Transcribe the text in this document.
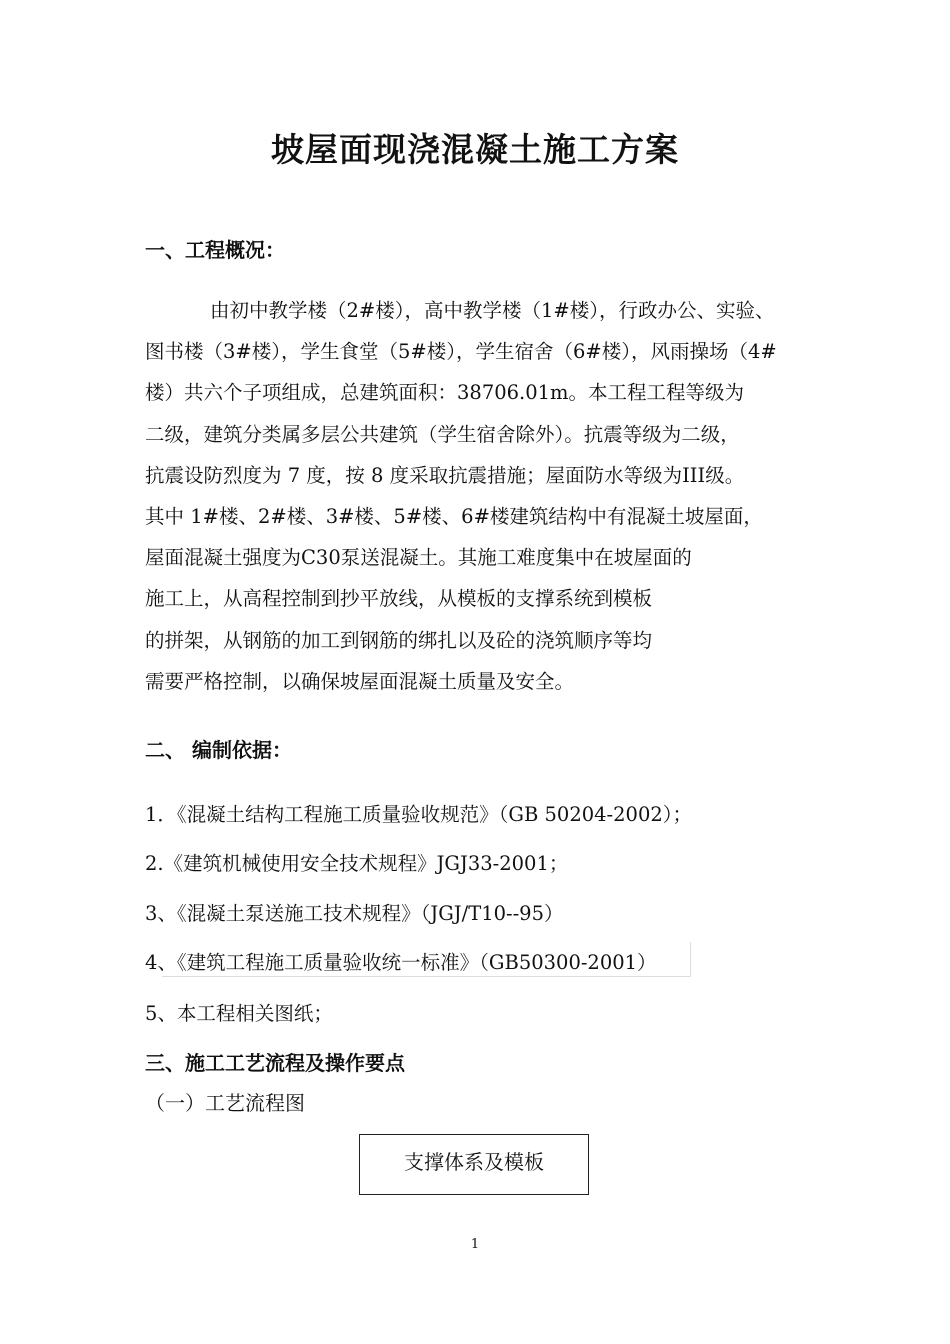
坡屋面现浇混凝土施工方案
一、工程概况：
由初中教学楼（2#楼），高中教学楼（1#楼），行政办公、实验、
图书楼（3#楼），学生食堂（5#楼），学生宿舍（6#楼），风雨操场（4#
楼）共六个子项组成，总建筑面积：38706.01m。本工程工程等级为
二级，建筑分类属多层公共建筑（学生宿舍除外）。抗震等级为二级，
抗震设防烈度为 7 度，按 8 度采取抗震措施；屋面防水等级为III级。
其中 1#楼、2#楼、3#楼、5#楼、6#楼建筑结构中有混凝土坡屋面，
屋面混凝土强度为C30泵送混凝土。其施工难度集中在坡屋面的
施工上，从高程控制到抄平放线，从模板的支撑系统到模板
的拼架，从钢筋的加工到钢筋的绑扎以及砼的浇筑顺序等均
需要严格控制，以确保坡屋面混凝土质量及安全。
二、 编制依据：
1．《混凝土结构工程施工质量验收规范》（GB 50204-2002）；
2.《建筑机械使用安全技术规程》JGJ33-2001；
3、《混凝土泵送施工技术规程》（JGJ/T10--95）
4、《建筑工程施工质量验收统一标准》（GB50300-2001）
5、本工程相关图纸；
三、施工工艺流程及操作要点
（一）工艺流程图
支撑体系及模板
1
